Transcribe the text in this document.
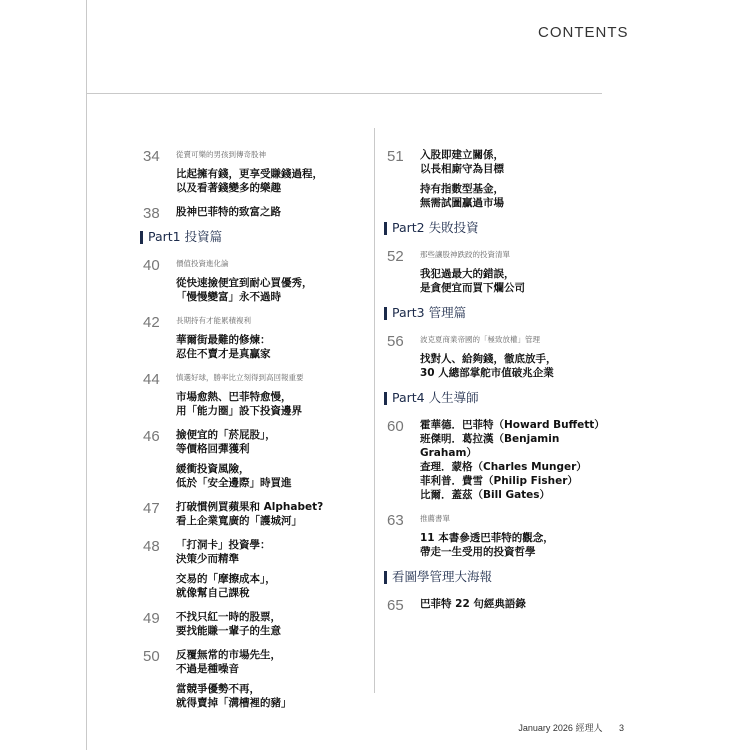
CONTENTS
34 從賣可樂的男孩到傳奇股神
比起擁有錢，更享受賺錢過程，
以及看著錢變多的樂趣
38 股神巴菲特的致富之路
Part1 投資篇
40 價值投資進化論
從快速撿便宜到耐心買優秀，
「慢慢變富」永不過時
42 長期持有才能累積複利
華爾街最難的修煉：
忍住不賣才是真贏家
44 慎選好球，勝率比立刻得到高回報重要
市場愈熱、巴菲特愈慢，
用「能力圈」設下投資邊界
46 撿便宜的「菸屁股」，
等價格回彈獲利
緩衝投資風險，
低於「安全邊際」時買進
47 打破慣例買蘋果和 Alphabet?
看上企業寬廣的「護城河」
48 「打洞卡」投資學：
決策少而精準
交易的「摩擦成本」，
就像幫自己課稅
49 不找只紅一時的股票，
要找能賺一輩子的生意
50 反覆無常的市場先生，
不過是種噪音
當競爭優勢不再，
就得賣掉「溝槽裡的豬」
51 入股即建立關係，
以長相廝守為目標
持有指數型基金，
無需試圖贏過市場
Part2 失敗投資
52 那些讓股神跌跤的投資清單
我犯過最大的錯誤，
是貪便宜而買下爛公司
Part3 管理篇
56 波克夏商業帝國的「極致放權」管理
找對人、給夠錢，徹底放手，
30 人總部掌舵市值破兆企業
Part4 人生導師
60 霍華德．巴菲特（Howard Buffett）
班傑明．葛拉漢（Benjamin Graham）
查理．蒙格（Charles Munger）
菲利普．費雪（Philip Fisher）
比爾．蓋茲（Bill Gates）
63 推薦書單
11 本書參透巴菲特的觀念，
帶走一生受用的投資哲學
看圖學管理大海報
65 巴菲特 22 句經典語錄
January 2026 經理人 3
